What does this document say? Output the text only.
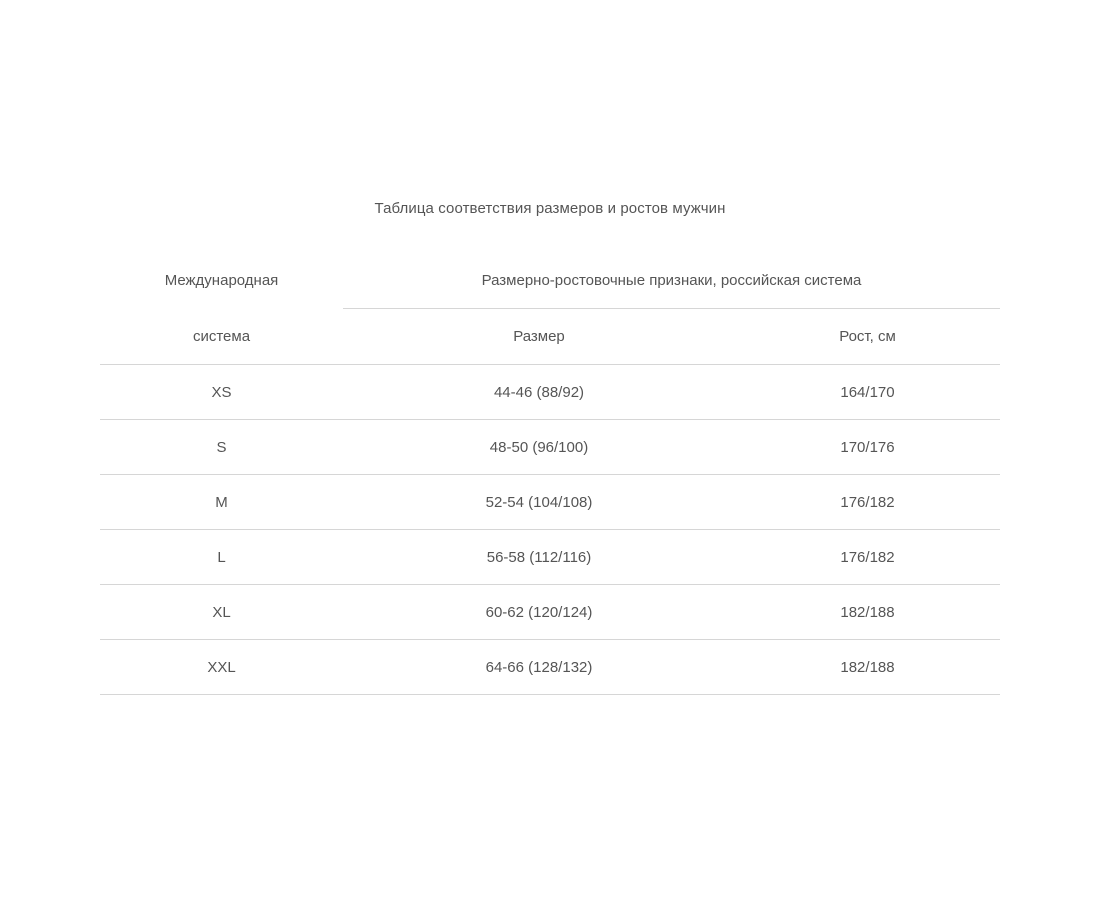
Таблица соответствия размеров и ростов мужчин
Международная	Размерно-ростовочные признаки, российская система	
система	Размер	Рост, см
XS	44-46 (88/92)	164/170
S	48-50 (96/100)	170/176
M	52-54 (104/108)	176/182
L	56-58 (112/116)	176/182
XL	60-62 (120/124)	182/188
XXL	64-66 (128/132)	182/188
